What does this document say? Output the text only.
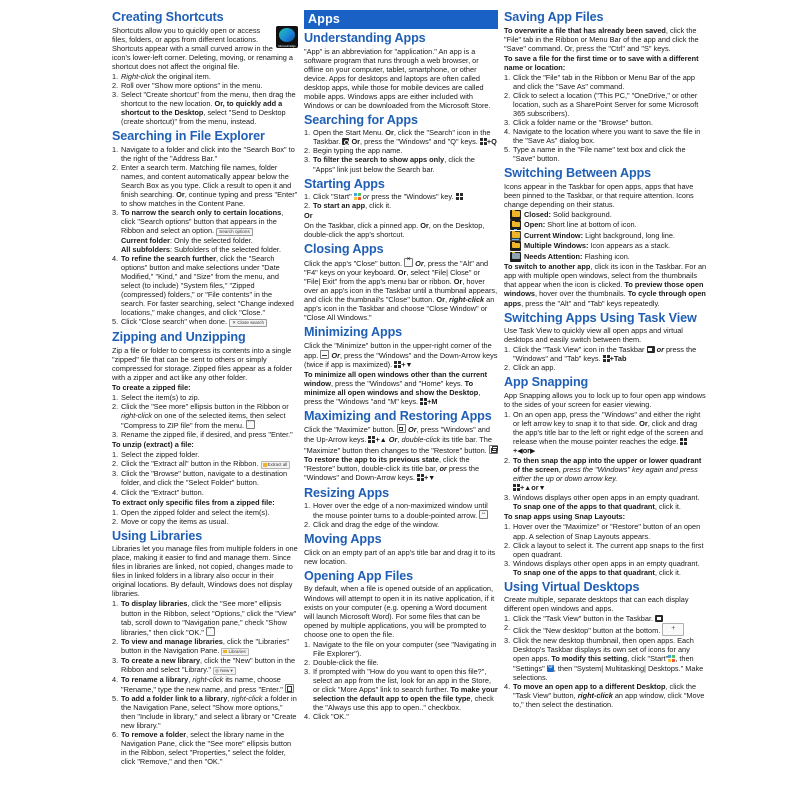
Creating Shortcuts
Microsoft Edge

Shortcuts allow you to quickly open or access files, folders, or apps from different locations. Shortcuts appear with a small curved arrow in the icon's lower-left corner. Deleting, moving, or renaming a shortcut does not affect the original file.

Right-click the original item.
Roll over "Show more options" in the menu.
Select "Create shortcut" from the menu, then drag the shortcut to the new location. Or, to quickly add a shortcut to the Desktop, select "Send to Desktop (create shortcut)" from the menu, instead.
Searching in File Explorer
Navigate to a folder and click into the "Search Box" to the right of the "Address Bar."
Enter a search term. Matching file names, folder names, and content automatically appear below the Search Box as you type. Click a result to open it and finish searching. Or, continue typing and press "Enter" to show matches in the Content Pane.
To narrow the search only to certain locations, click "Search options" button that appears in the Ribbon and select an option. Search options
Current folder: Only the selected folder.
All subfolders: Subfolders of the selected folder.
To refine the search further, click the "Search options" button and make selections under "Date Modified," "Kind," and "Size" from the menu, and select (to include) "System files," "Zipped (compressed) folders," or "File contents" in the search. For faster searching, select "Change indexed locations," make changes, and click "Close."
Click "Close search" when done. ✕ Close search
Zipping and Unzipping

Zip a file or folder to compress its contents into a single "zipped" file that can be sent to others or simply compressed for storage. Zipped files appear as a folder with a zipper and act like any other folder.

To create a zipped file:

Select the item(s) to zip.
Click the "See more" ellipsis button in the Ribbon or right-click on one of the selected items, then select "Compress to ZIP file" from the menu. ···
Rename the zipped file, if desired, and press "Enter."

To unzip (extract) a file:

Select the zipped folder.
Click the "Extract all" button in the Ribbon. Extract all
Click the "Browse" button, navigate to a destination folder, and click the "Select Folder" button.
Click the "Extract" button.

To extract only specific files from a zipped file:

Open the zipped folder and select the item(s).
Move or copy the items as usual.
Using Libraries

Libraries let you manage files from multiple folders in one place, making it easier to find and manage them. Since files in libraries are linked, not copied, changes made to files in linked folders in a library also occur in their original locations. By default, Windows does not display libraries.

To display libraries, click the "See more" ellipsis button in the Ribbon, select "Options," click the "View" tab, scroll down to "Navigation pane," check "Show libraries," then click "OK." ···
To view and manage libraries, click the "Libraries" button in the Navigation Pane. Libraries
To create a new library, click the "New" button in the Ribbon and select "Library." ◎ New ▾
To rename a library, right-click its name, choose "Rename," type the new name, and press "Enter."
To add a folder link to a library, right-click a folder in the Navigation Pane, select "Show more options," then "Include in library," and select a library or "Create new library."
To remove a folder, select the library name in the Navigation Pane, click the "See more" ellipsis button in the Ribbon, select "Properties," select the folder, click "Remove," and then "OK."
Apps
Understanding Apps

"App" is an abbreviation for "application." An app is a software program that runs through a web browser, or offline on your computer, tablet, smartphone, or other device. Apps for desktops and laptops are often called desktop apps, while those for mobile devices are called mobile apps. Windows apps are either included with Windows or can be downloaded from the Microsoft Store.

Searching for Apps
Open the Start Menu. Or, click the "Search" icon in the Taskbar.  Or, press the "Windows" and "Q" keys. +Q
Begin typing the app name.
To filter the search to show apps only, click the "Apps" link just below the Search bar.
Starting Apps
Click "Start"  or press the "Windows" key.
To start an app, click it.

Or

On the Taskbar, click a pinned app. Or, on the Desktop, double-click the app's shortcut.

Closing Apps

Click the app's "Close" button. × Or, press the "Alt" and "F4" keys on your keyboard. Or, select "File| Close" or "File| Exit" from the app's menu bar or ribbon. Or, hover over an app's icon in the Taskbar until a thumbnail appears, and click the thumbnail's "Close" button. Or, right-click an app's icon in the Taskbar and choose "Close Window" or "Close All Windows."

Minimizing Apps

Click the "Minimize" button in the upper-right corner of the app.  Or, press the "Windows" and the Down-Arrow keys (twice if app is maximized). +▼
To minimize all open windows other than the current window, press the "Windows" and "Home" keys. To minimize all open windows and show the Desktop, press the "Windows "and "M" keys. +M

Maximizing and Restoring Apps

Click the "Maximize" button.  Or, press "Windows" and the Up-Arrow keys. +▲ Or, double-click its title bar. The "Maximize" button then changes to the "Restore" button.  To restore the app to its previous state, click the "Restore" button, double-click its title bar, or press the "Windows" and Down-Arrow keys. +▼

Resizing Apps
Hover over the edge of a non-maximized window until the mouse pointer turns to a double-pointed arrow. ↔
Click and drag the edge of the window.
Moving Apps

Click on an empty part of an app's title bar and drag it to its new location.

Opening App Files

By default, when a file is opened outside of an application, Windows will attempt to open it in its native application, if it exists on your computer (e.g. opening a Word document will launch Microsoft Word). For some files that can be opened by multiple applications, you will be prompted to choose one to open the file.

Navigate to the file on your computer (see "Navigating in File Explorer").
Double-click the file.
If prompted with "How do you want to open this file?", select an app from the list, look for an app in the Store, or click "More Apps" link to search further. To make your selection the default app to open the file type, check the "Always use this app to open.." checkbox.
Click "OK."
Saving App Files

To overwrite a file that has already been saved, click the "File" tab in the Ribbon or Menu Bar of the app and click the "Save" command. Or, press the "Ctrl" and "S" keys.

To save a file for the first time or to save with a different name or location:

Click the "File" tab in the Ribbon or Menu Bar of the app and click the "Save As" command.
Click to select a location ("This PC," "OneDrive," or other location, such as a SharePoint Server for some Microsoft 365 subscribers).
Click a folder name or the "Browse" button.
Navigate to the location where you want to save the file in the "Save As" dialog box.
Type a name in the "File name" text box and click the "Save" button.
Switching Between Apps

Icons appear in the Taskbar for open apps, apps that have been pinned to the Taskbar, or that require attention. Icons change depending on their status.

Closed: Solid background.
Open: Short line at bottom of icon.
Current Window: Light background, long line.
Multiple Windows: Icon appears as a stack.
Needs Attention: Flashing icon.

To switch to another app, click its icon in the Taskbar. For an app with multiple open windows, select from the thumbnails that appear when the icon is clicked. To preview those open windows, hover over the thumbnails. To cycle through open apps, press the "Alt" and "Tab" keys repeatedly.

Switching Apps Using Task View

Use Task View to quickly view all open apps and virtual desktops and easily switch between them.

Click the "Task View" icon in the Taskbar  or press the "Windows" and "Tab" keys. +Tab
Click an app.
App Snapping

App Snapping allows you to lock up to four open app windows to the sides of your screen for easier viewing.

On an open app, press the "Windows" and either the right or left arrow key to snap it to that side. Or, click and drag the app's title bar to the left or right edge of the screen and release when the mouse pointer reaches the edge. +◀or▶
To then snap the app into the upper or lower quadrant of the screen, press the "Windows" key again and press either the up or down arrow key.
+▲or▼
Windows displays other open apps in an empty quadrant. To snap one of the apps to that quadrant, click it.

To snap apps using Snap Layouts:

Hover over the "Maximize" or "Restore" button of an open app. A selection of Snap Layouts appears.
Click a layout to select it. The current app snaps to the first open quadrant.
Windows displays other open apps in an empty quadrant. To snap one of the apps to that quadrant, click it.
Using Virtual Desktops

Create multiple, separate desktops that can each display different open windows and apps.

Click the "Task View" button in the Taskbar.
Click the "New desktop" button at the bottom. +
Click the new desktop thumbnail, then open apps. Each Desktop's Taskbar displays its own set of icons for any open apps. To modify this setting, click "Start" , then "Settings" ⚙, then "System| Multitasking| Desktops." Make selections.
To move an open app to a different Desktop, click the "Task View" button, right-click an app window, click "Move to," then select the destination.
